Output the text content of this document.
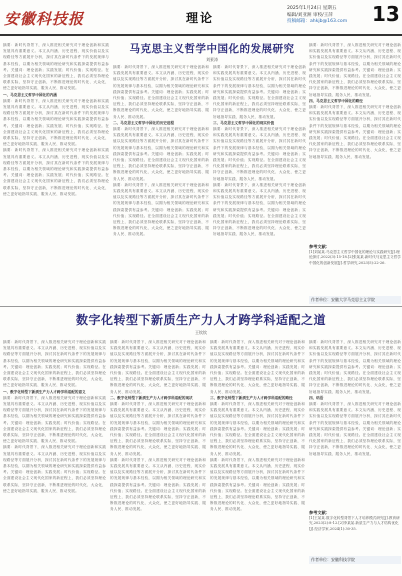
安徽科技报	理论
2025年1月24日 星期五
编辑/刘亚洲 审校/王萍
投稿邮箱：ahkjb@163.com	13
马克思主义哲学中国化的发展研究
刘景涛
摘要：新时代背景下，深入推进相关研究对于理论创新和实践发展具有重要意义。本文从内涵、历史进程、现实价值以及实现路径等方面展开分析，探讨其在新时代条件下的发展规律与基本经验，以期为相关领域的理论研究和实践探索提供有益参考。关键词：理论创新；实践发展；时代价值；实现路径。在全面建设社会主义现代化国家的新征程上，我们必须坚持理论联系实际，坚持守正创新，不断推进理论的时代化、大众化，使之更好地指导实践、服务人民、推动发展。
一、马克思主义哲学中国化的内涵
摘要：新时代背景下，深入推进相关研究对于理论创新和实践发展具有重要意义。本文从内涵、历史进程、现实价值以及实现路径等方面展开分析，探讨其在新时代条件下的发展规律与基本经验，以期为相关领域的理论研究和实践探索提供有益参考。关键词：理论创新；实践发展；时代价值；实现路径。在全面建设社会主义现代化国家的新征程上，我们必须坚持理论联系实际，坚持守正创新，不断推进理论的时代化、大众化，使之更好地指导实践、服务人民、推动发展。
摘要：新时代背景下，深入推进相关研究对于理论创新和实践发展具有重要意义。本文从内涵、历史进程、现实价值以及实现路径等方面展开分析，探讨其在新时代条件下的发展规律与基本经验，以期为相关领域的理论研究和实践探索提供有益参考。关键词：理论创新；实践发展；时代价值；实现路径。在全面建设社会主义现代化国家的新征程上，我们必须坚持理论联系实际，坚持守正创新，不断推进理论的时代化、大众化，使之更好地指导实践、服务人民、推动发展。
摘要：新时代背景下，深入推进相关研究对于理论创新和实践发展具有重要意义。本文从内涵、历史进程、现实价值以及实现路径等方面展开分析，探讨其在新时代条件下的发展规律与基本经验，以期为相关领域的理论研究和实践探索提供有益参考。关键词：理论创新；实践发展；时代价值；实现路径。在全面建设社会主义现代化国家的新征程上，我们必须坚持理论联系实际，坚持守正创新，不断推进理论的时代化、大众化，使之更好地指导实践、服务人民、推动发展。
二、马克思主义哲学中国化的历史进程
摘要：新时代背景下，深入推进相关研究对于理论创新和实践发展具有重要意义。本文从内涵、历史进程、现实价值以及实现路径等方面展开分析，探讨其在新时代条件下的发展规律与基本经验，以期为相关领域的理论研究和实践探索提供有益参考。关键词：理论创新；实践发展；时代价值；实现路径。在全面建设社会主义现代化国家的新征程上，我们必须坚持理论联系实际，坚持守正创新，不断推进理论的时代化、大众化，使之更好地指导实践、服务人民、推动发展。
摘要：新时代背景下，深入推进相关研究对于理论创新和实践发展具有重要意义。本文从内涵、历史进程、现实价值以及实现路径等方面展开分析，探讨其在新时代条件下的发展规律与基本经验，以期为相关领域的理论研究和实践探索提供有益参考。关键词：理论创新；实践发展；时代价值；实现路径。在全面建设社会主义现代化国家的新征程上，我们必须坚持理论联系实际，坚持守正创新，不断推进理论的时代化、大众化，使之更好地指导实践、服务人民、推动发展。
摘要：新时代背景下，深入推进相关研究对于理论创新和实践发展具有重要意义。本文从内涵、历史进程、现实价值以及实现路径等方面展开分析，探讨其在新时代条件下的发展规律与基本经验，以期为相关领域的理论研究和实践探索提供有益参考。关键词：理论创新；实践发展；时代价值；实现路径。在全面建设社会主义现代化国家的新征程上，我们必须坚持理论联系实际，坚持守正创新，不断推进理论的时代化、大众化，使之更好地指导实践、服务人民、推动发展。
三、马克思主义哲学中国化的现实价值
摘要：新时代背景下，深入推进相关研究对于理论创新和实践发展具有重要意义。本文从内涵、历史进程、现实价值以及实现路径等方面展开分析，探讨其在新时代条件下的发展规律与基本经验，以期为相关领域的理论研究和实践探索提供有益参考。关键词：理论创新；实践发展；时代价值；实现路径。在全面建设社会主义现代化国家的新征程上，我们必须坚持理论联系实际，坚持守正创新，不断推进理论的时代化、大众化，使之更好地指导实践、服务人民、推动发展。
摘要：新时代背景下，深入推进相关研究对于理论创新和实践发展具有重要意义。本文从内涵、历史进程、现实价值以及实现路径等方面展开分析，探讨其在新时代条件下的发展规律与基本经验，以期为相关领域的理论研究和实践探索提供有益参考。关键词：理论创新；实践发展；时代价值；实现路径。在全面建设社会主义现代化国家的新征程上，我们必须坚持理论联系实际，坚持守正创新，不断推进理论的时代化、大众化，使之更好地指导实践、服务人民、推动发展。
摘要：新时代背景下，深入推进相关研究对于理论创新和实践发展具有重要意义。本文从内涵、历史进程、现实价值以及实现路径等方面展开分析，探讨其在新时代条件下的发展规律与基本经验，以期为相关领域的理论研究和实践探索提供有益参考。关键词：理论创新；实践发展；时代价值；实现路径。在全面建设社会主义现代化国家的新征程上，我们必须坚持理论联系实际，坚持守正创新，不断推进理论的时代化、大众化，使之更好地指导实践、服务人民、推动发展。
四、马克思主义哲学中国化的路径
摘要：新时代背景下，深入推进相关研究对于理论创新和实践发展具有重要意义。本文从内涵、历史进程、现实价值以及实现路径等方面展开分析，探讨其在新时代条件下的发展规律与基本经验，以期为相关领域的理论研究和实践探索提供有益参考。关键词：理论创新；实践发展；时代价值；实现路径。在全面建设社会主义现代化国家的新征程上，我们必须坚持理论联系实际，坚持守正创新，不断推进理论的时代化、大众化，使之更好地指导实践、服务人民、推动发展。
参考文献：
[1]刘某某.马克思主义哲学中国化的理论与实践研究[J].理论探讨,2022(3):15-18.[2]张某某.新时代马克思主义哲学中国化的创新发展[J].哲学研究,2023(5):22-26.
作者单位：安徽大学马克思主义学院
数字化转型下新质生产力人才跨学科适配之道
王钦钦
摘要：新时代背景下，深入推进相关研究对于理论创新和实践发展具有重要意义。本文从内涵、历史进程、现实价值以及实现路径等方面展开分析，探讨其在新时代条件下的发展规律与基本经验，以期为相关领域的理论研究和实践探索提供有益参考。关键词：理论创新；实践发展；时代价值；实现路径。在全面建设社会主义现代化国家的新征程上，我们必须坚持理论联系实际，坚持守正创新，不断推进理论的时代化、大众化，使之更好地指导实践、服务人民、推动发展。
一、数字化转型下新质生产力人才跨学科适配的意义
摘要：新时代背景下，深入推进相关研究对于理论创新和实践发展具有重要意义。本文从内涵、历史进程、现实价值以及实现路径等方面展开分析，探讨其在新时代条件下的发展规律与基本经验，以期为相关领域的理论研究和实践探索提供有益参考。关键词：理论创新；实践发展；时代价值；实现路径。在全面建设社会主义现代化国家的新征程上，我们必须坚持理论联系实际，坚持守正创新，不断推进理论的时代化、大众化，使之更好地指导实践、服务人民、推动发展。
摘要：新时代背景下，深入推进相关研究对于理论创新和实践发展具有重要意义。本文从内涵、历史进程、现实价值以及实现路径等方面展开分析，探讨其在新时代条件下的发展规律与基本经验，以期为相关领域的理论研究和实践探索提供有益参考。关键词：理论创新；实践发展；时代价值；实现路径。在全面建设社会主义现代化国家的新征程上，我们必须坚持理论联系实际，坚持守正创新，不断推进理论的时代化、大众化，使之更好地指导实践、服务人民、推动发展。
摘要：新时代背景下，深入推进相关研究对于理论创新和实践发展具有重要意义。本文从内涵、历史进程、现实价值以及实现路径等方面展开分析，探讨其在新时代条件下的发展规律与基本经验，以期为相关领域的理论研究和实践探索提供有益参考。关键词：理论创新；实践发展；时代价值；实现路径。在全面建设社会主义现代化国家的新征程上，我们必须坚持理论联系实际，坚持守正创新，不断推进理论的时代化、大众化，使之更好地指导实践、服务人民、推动发展。
二、数字化转型下新质生产力人才跨学科适配的现状
摘要：新时代背景下，深入推进相关研究对于理论创新和实践发展具有重要意义。本文从内涵、历史进程、现实价值以及实现路径等方面展开分析，探讨其在新时代条件下的发展规律与基本经验，以期为相关领域的理论研究和实践探索提供有益参考。关键词：理论创新；实践发展；时代价值；实现路径。在全面建设社会主义现代化国家的新征程上，我们必须坚持理论联系实际，坚持守正创新，不断推进理论的时代化、大众化，使之更好地指导实践、服务人民、推动发展。
摘要：新时代背景下，深入推进相关研究对于理论创新和实践发展具有重要意义。本文从内涵、历史进程、现实价值以及实现路径等方面展开分析，探讨其在新时代条件下的发展规律与基本经验，以期为相关领域的理论研究和实践探索提供有益参考。关键词：理论创新；实践发展；时代价值；实现路径。在全面建设社会主义现代化国家的新征程上，我们必须坚持理论联系实际，坚持守正创新，不断推进理论的时代化、大众化，使之更好地指导实践、服务人民、推动发展。
摘要：新时代背景下，深入推进相关研究对于理论创新和实践发展具有重要意义。本文从内涵、历史进程、现实价值以及实现路径等方面展开分析，探讨其在新时代条件下的发展规律与基本经验，以期为相关领域的理论研究和实践探索提供有益参考。关键词：理论创新；实践发展；时代价值；实现路径。在全面建设社会主义现代化国家的新征程上，我们必须坚持理论联系实际，坚持守正创新，不断推进理论的时代化、大众化，使之更好地指导实践、服务人民、推动发展。
三、数字化转型下新质生产力人才跨学科适配的路径
摘要：新时代背景下，深入推进相关研究对于理论创新和实践发展具有重要意义。本文从内涵、历史进程、现实价值以及实现路径等方面展开分析，探讨其在新时代条件下的发展规律与基本经验，以期为相关领域的理论研究和实践探索提供有益参考。关键词：理论创新；实践发展；时代价值；实现路径。在全面建设社会主义现代化国家的新征程上，我们必须坚持理论联系实际，坚持守正创新，不断推进理论的时代化、大众化，使之更好地指导实践、服务人民、推动发展。
摘要：新时代背景下，深入推进相关研究对于理论创新和实践发展具有重要意义。本文从内涵、历史进程、现实价值以及实现路径等方面展开分析，探讨其在新时代条件下的发展规律与基本经验，以期为相关领域的理论研究和实践探索提供有益参考。关键词：理论创新；实践发展；时代价值；实现路径。在全面建设社会主义现代化国家的新征程上，我们必须坚持理论联系实际，坚持守正创新，不断推进理论的时代化、大众化，使之更好地指导实践、服务人民、推动发展。
摘要：新时代背景下，深入推进相关研究对于理论创新和实践发展具有重要意义。本文从内涵、历史进程、现实价值以及实现路径等方面展开分析，探讨其在新时代条件下的发展规律与基本经验，以期为相关领域的理论研究和实践探索提供有益参考。关键词：理论创新；实践发展；时代价值；实现路径。在全面建设社会主义现代化国家的新征程上，我们必须坚持理论联系实际，坚持守正创新，不断推进理论的时代化、大众化，使之更好地指导实践、服务人民、推动发展。
四、结语
摘要：新时代背景下，深入推进相关研究对于理论创新和实践发展具有重要意义。本文从内涵、历史进程、现实价值以及实现路径等方面展开分析，探讨其在新时代条件下的发展规律与基本经验，以期为相关领域的理论研究和实践探索提供有益参考。关键词：理论创新；实践发展；时代价值；实现路径。在全面建设社会主义现代化国家的新征程上，我们必须坚持理论联系实际，坚持守正创新，不断推进理论的时代化、大众化，使之更好地指导实践、服务人民、推动发展。
参考文献：
[1]王某某.数字化转型背景下人才培养模式研究[J].教育研究,2023(2):8-12.[2]李某某.新质生产力与人才结构优化[J].经济学家,2024(1):30-35.
作者单位：安徽科技学院
